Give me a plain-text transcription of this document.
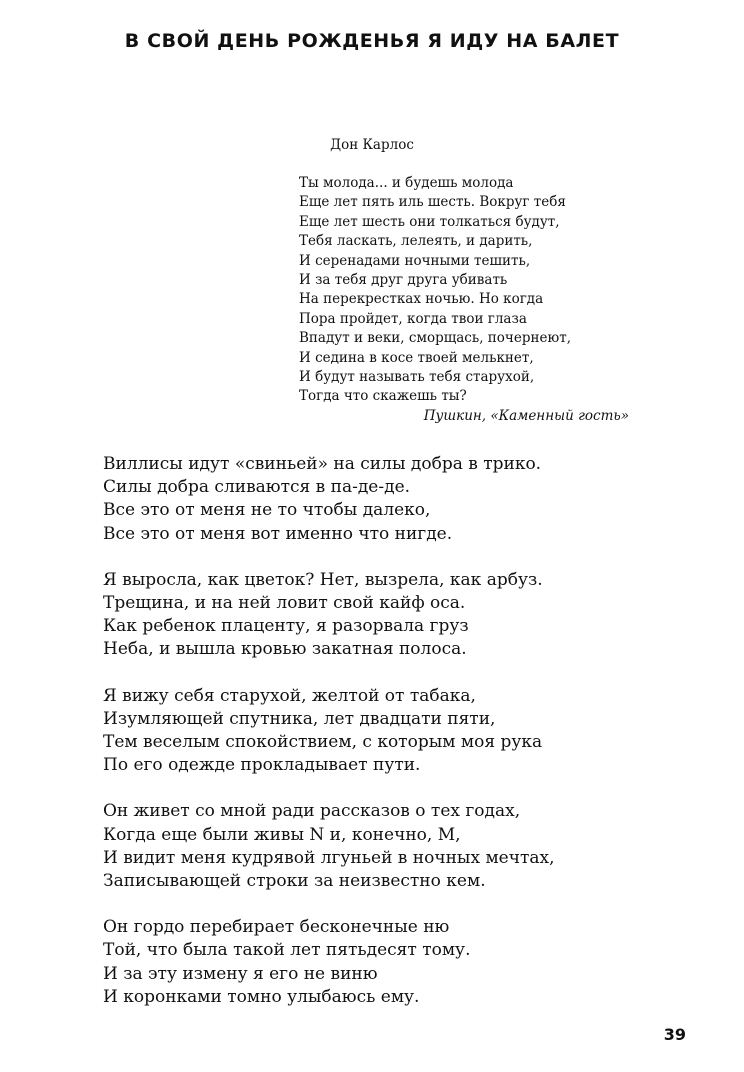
В СВОЙ ДЕНЬ РОЖДЕНЬЯ Я ИДУ НА БАЛЕТ
Дон Карлос
Ты молода... и будешь молода
Еще лет пять иль шесть. Вокруг тебя
Еще лет шесть они толкаться будут,
Тебя ласкать, лелеять, и дарить,
И серенадами ночными тешить,
И за тебя друг друга убивать
На перекрестках ночью. Но когда
Пора пройдет, когда твои глаза
Впадут и веки, сморщась, почернеют,
И седина в косе твоей мелькнет,
И будут называть тебя старухой,
Тогда что скажешь ты?
Пушкин, «Каменный гость»
Виллисы идут «свиньей» на силы добра в трико.
Силы добра сливаются в па-де-де.
Все это от меня не то чтобы далеко,
Все это от меня вот именно что нигде.
Я выросла, как цветок? Нет, вызрела, как арбуз.
Трещина, и на ней ловит свой кайф оса.
Как ребенок плаценту, я разорвала груз
Неба, и вышла кровью закатная полоса.
Я вижу себя старухой, желтой от табака,
Изумляющей спутника, лет двадцати пяти,
Тем веселым спокойствием, с которым моя рука
По его одежде прокладывает пути.
Он живет со мной ради рассказов о тех годах,
Когда еще были живы N и, конечно, M,
И видит меня кудрявой лгуньей в ночных мечтах,
Записывающей строки за неизвестно кем.
Он гордо перебирает бесконечные ню
Той, что была такой лет пятьдесят тому.
И за эту измену я его не виню
И коронками томно улыбаюсь ему.
39
